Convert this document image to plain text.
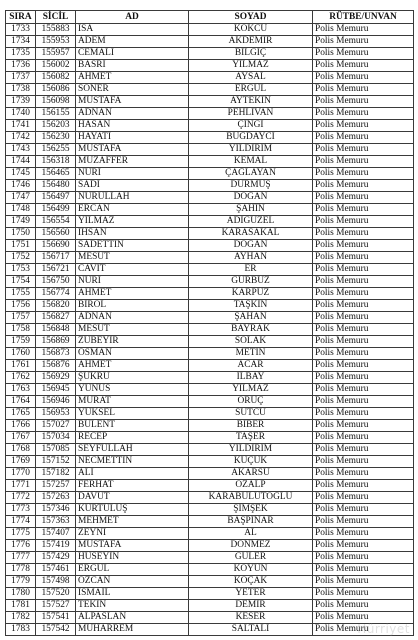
SIRA	SİCİL	AD	SOYAD	RÜTBE/UNVAN
1733	155883	İSA	KÖKCÜ	Polis Memuru
1734	155953	ADEM	AKDEMİR	Polis Memuru
1735	155957	CEMALİ	BİLGİÇ	Polis Memuru
1736	156002	BASRİ	YILMAZ	Polis Memuru
1737	156082	AHMET	AYSAL	Polis Memuru
1738	156086	SONER	ERGÜL	Polis Memuru
1739	156098	MUSTAFA	AYTEKİN	Polis Memuru
1740	156155	ADNAN	PEHLİVAN	Polis Memuru
1741	156203	HASAN	ÇINGI	Polis Memuru
1742	156230	HAYATİ	BUĞDAYCI	Polis Memuru
1743	156255	MUSTAFA	YILDIRIM	Polis Memuru
1744	156318	MUZAFFER	KEMAL	Polis Memuru
1745	156465	NURİ	ÇAĞLAYAN	Polis Memuru
1746	156480	SADİ	DURMUŞ	Polis Memuru
1747	156497	NURULLAH	DOĞAN	Polis Memuru
1748	156499	ERCAN	ŞAHİN	Polis Memuru
1749	156554	YILMAZ	ADIGÜZEL	Polis Memuru
1750	156560	İHSAN	KARASAKAL	Polis Memuru
1751	156690	SADETTİN	DOĞAN	Polis Memuru
1752	156717	MESUT	AYHAN	Polis Memuru
1753	156721	CAVİT	ER	Polis Memuru
1754	156750	NURİ	GÜRBÜZ	Polis Memuru
1755	156774	AHMET	KARPUZ	Polis Memuru
1756	156820	BİROL	TAŞKIN	Polis Memuru
1757	156827	ADNAN	ŞAHAN	Polis Memuru
1758	156848	MESUT	BAYRAK	Polis Memuru
1759	156869	ZÜBEYİR	SOLAK	Polis Memuru
1760	156873	OSMAN	METİN	Polis Memuru
1761	156876	AHMET	ACAR	Polis Memuru
1762	156929	ŞÜKRÜ	İLBAY	Polis Memuru
1763	156945	YUNUS	YILMAZ	Polis Memuru
1764	156946	MURAT	ORUÇ	Polis Memuru
1765	156953	YÜKSEL	SÜTCÜ	Polis Memuru
1766	157027	BÜLENT	BİBER	Polis Memuru
1767	157034	RECEP	TAŞER	Polis Memuru
1768	157085	SEYFULLAH	YILDIRIM	Polis Memuru
1769	157152	NECMETTİN	KÜÇÜK	Polis Memuru
1770	157182	ALİ	AKARSU	Polis Memuru
1771	157257	FERHAT	ÖZALP	Polis Memuru
1772	157263	DAVUT	KARABULUTOĞLU	Polis Memuru
1773	157346	KURTULUŞ	ŞİMŞEK	Polis Memuru
1774	157363	MEHMET	BAŞPINAR	Polis Memuru
1775	157407	ZEYNİ	AL	Polis Memuru
1776	157419	MUSTAFA	DÖNMEZ	Polis Memuru
1777	157429	HÜSEYİN	GÜLER	Polis Memuru
1778	157461	ERGÜL	KOYUN	Polis Memuru
1779	157498	ÖZCAN	KOÇAK	Polis Memuru
1780	157520	İSMAİL	YETER	Polis Memuru
1781	157527	TEKİN	DEMİR	Polis Memuru
1782	157541	ALPASLAN	KESER	Polis Memuru
1783	157542	MUHARREM	SALTALI	Polis Memuru
Hürriyet
